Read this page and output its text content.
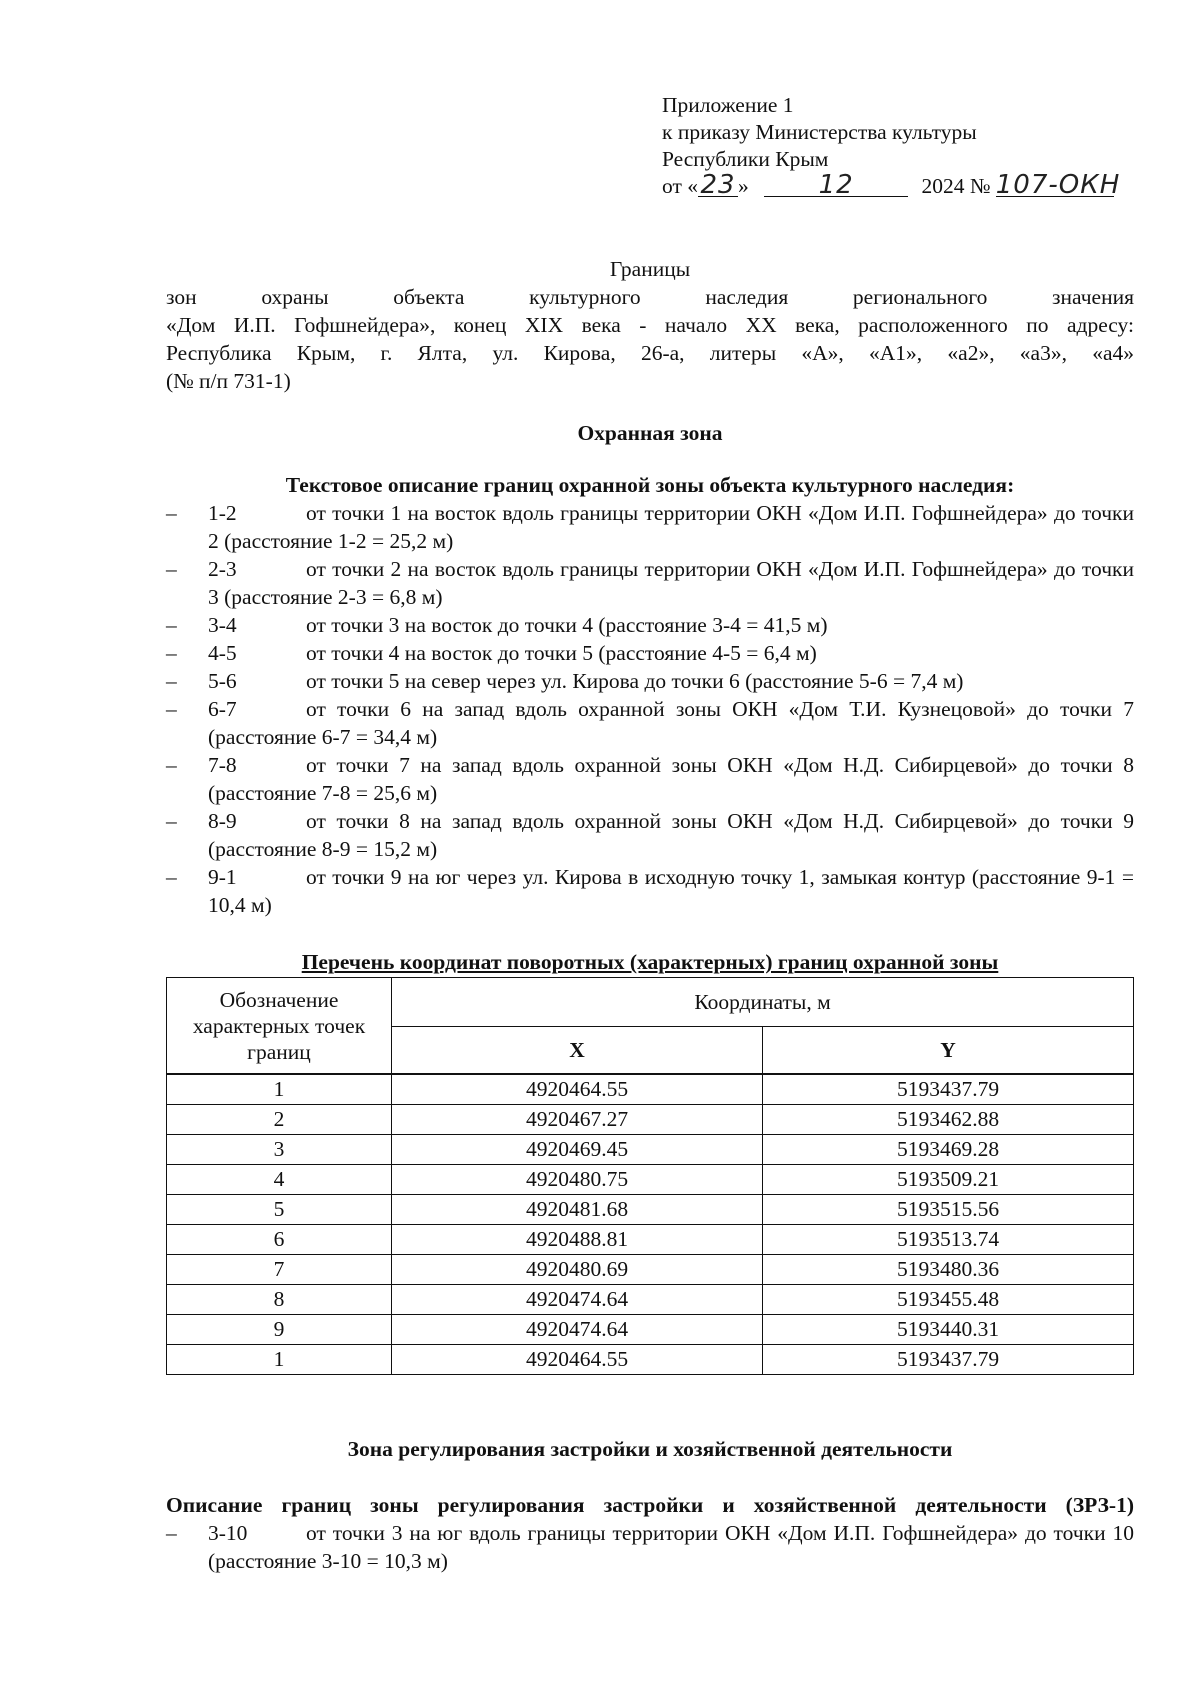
Приложение 1
к приказу Министерства культуры
Республики Крым
от «23 »	12	2024 № 107-ОКН
Границы
зон охраны объекта культурного наследия регионального значения
«Дом И.П. Гофшнейдера», конец XIX века - начало XX века, расположенного по адресу:
Республика Крым, г. Ялта, ул. Кирова, 26-а, литеры «А», «А1», «а2», «а3», «а4»
(№ п/п 731-1)
Охранная зона
Текстовое описание границ охранной зоны объекта культурного наследия:
– 1-2	от точки 1 на восток вдоль границы территории ОКН «Дом И.П. Гофшнейдера» до точки 2 (расстояние 1-2 = 25,2 м)
– 2-3	от точки 2 на восток вдоль границы территории ОКН «Дом И.П. Гофшнейдера» до точки 3 (расстояние 2-3 = 6,8 м)
– 3-4	от точки 3 на восток до точки 4 (расстояние 3-4 = 41,5 м)
– 4-5	от точки 4 на восток до точки 5 (расстояние 4-5 = 6,4 м)
– 5-6	от точки 5 на север через ул. Кирова до точки 6 (расстояние 5-6 = 7,4 м)
– 6-7	от точки 6 на запад вдоль охранной зоны ОКН «Дом Т.И. Кузнецовой» до точки 7 (расстояние 6-7 = 34,4 м)
– 7-8	от точки 7 на запад вдоль охранной зоны ОКН «Дом Н.Д. Сибирцевой» до точки 8 (расстояние 7-8 = 25,6 м)
– 8-9	от точки 8 на запад вдоль охранной зоны ОКН «Дом Н.Д. Сибирцевой» до точки 9 (расстояние 8-9 = 15,2 м)
– 9-1	от точки 9 на юг через ул. Кирова в исходную точку 1, замыкая контур (расстояние 9-1 = 10,4 м)
Перечень координат поворотных (характерных) границ охранной зоны
Обозначение характерных точек границ	Координаты, м	
	X	Y
1	4920464.55	5193437.79
2	4920467.27	5193462.88
3	4920469.45	5193469.28
4	4920480.75	5193509.21
5	4920481.68	5193515.56
6	4920488.81	5193513.74
7	4920480.69	5193480.36
8	4920474.64	5193455.48
9	4920474.64	5193440.31
1	4920464.55	5193437.79
Зона регулирования застройки и хозяйственной деятельности
Описание границ зоны регулирования застройки и хозяйственной деятельности (ЗРЗ-1)
– 3-10	от точки 3 на юг вдоль границы территории ОКН «Дом И.П. Гофшнейдера» до точки 10 (расстояние 3-10 = 10,3 м)
